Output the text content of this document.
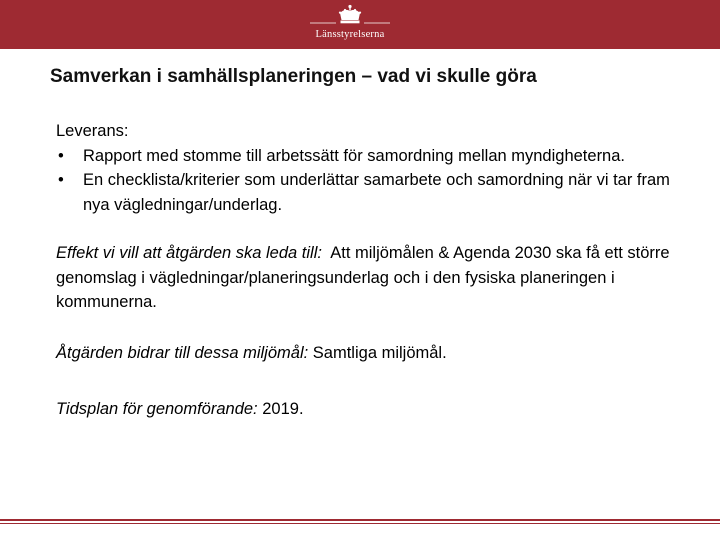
Länsstyrelserna
Samverkan i samhällsplaneringen – vad vi skulle göra

Leverans:

• Rapport med stomme till arbetssätt för samordning mellan myndigheterna.
• En checklista/kriterier som underlättar samarbete och samordning när vi tar fram nya vägledningar/underlag.

Effekt vi vill att åtgärden ska leda till: Att miljömålen & Agenda 2030 ska få ett större genomslag i vägledningar/planeringsunderlag och i den fysiska planeringen i kommunerna.

Åtgärden bidrar till dessa miljömål: Samtliga miljömål.

Tidsplan för genomförande: 2019.
